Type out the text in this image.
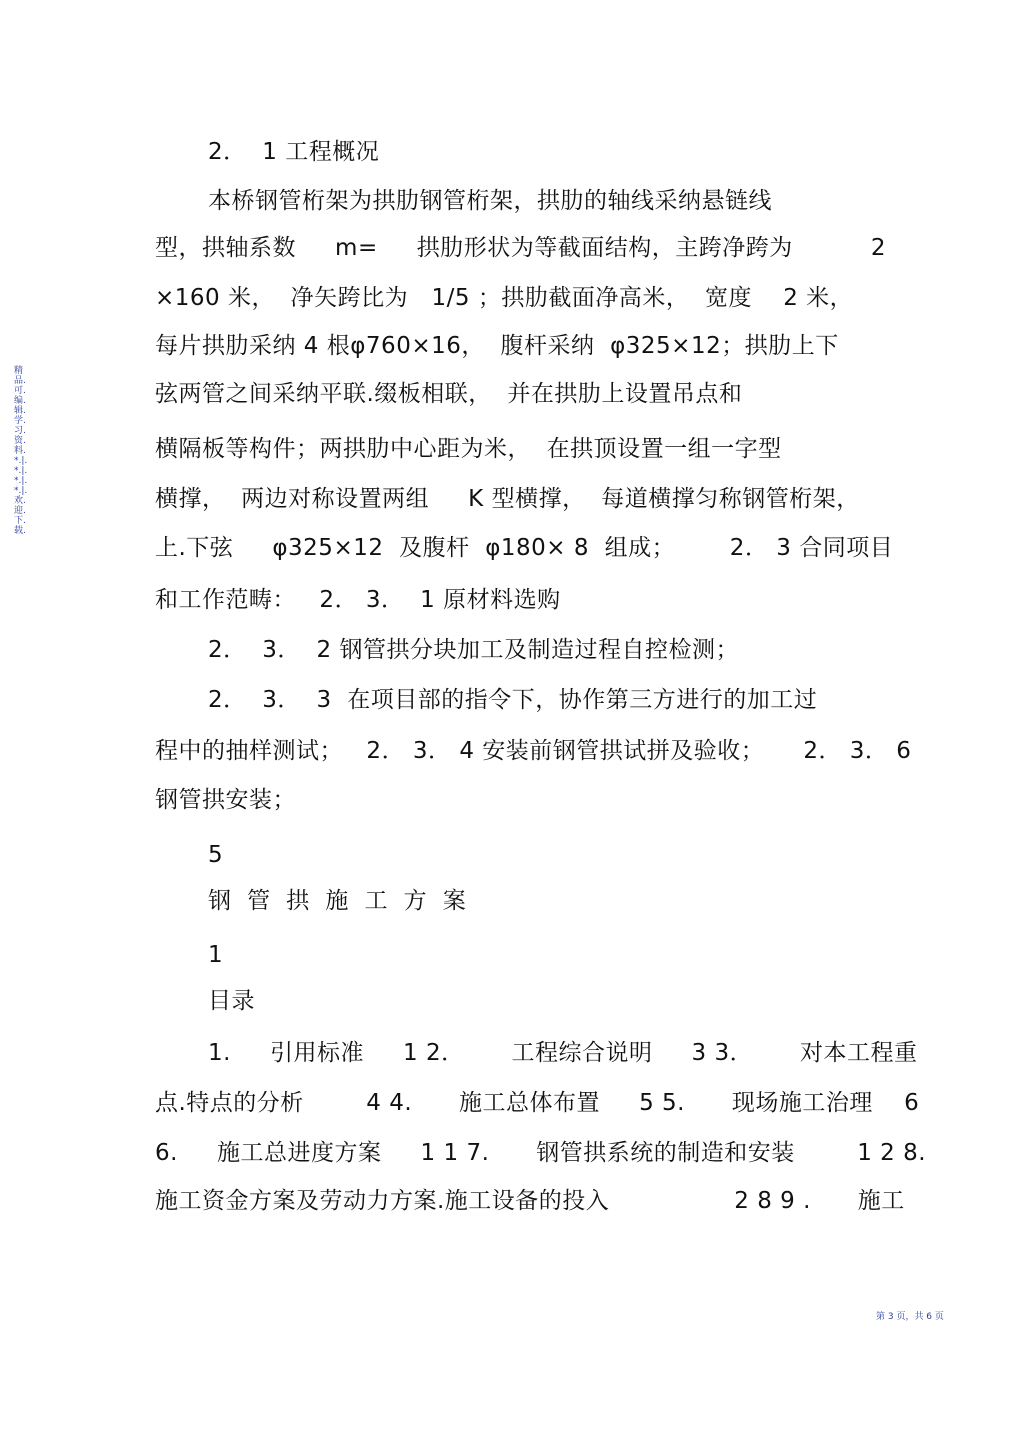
精品.可.编.辑.学.习.资.料.*.|.*.|.*.|.*.|.欢.迎.下.载.
2．  1 工程概况
本桥钢管桁架为拱肋钢管桁架，拱肋的轴线采纳悬链线
型，拱轴系数     m=     拱肋形状为等截面结构，主跨净跨为          2
×160 米，  净矢跨比为   1/5 ；拱肋截面净高米，  宽度    2 米，
每片拱肋采纳 4 根φ760×16，  腹杆采纳  φ325×12；拱肋上下
弦两管之间采纳平联.缀板相联，  并在拱肋上设置吊点和
横隔板等构件；两拱肋中心距为米，  在拱顶设置一组一字型
横撑，  两边对称设置两组     K 型横撑，  每道横撑匀称钢管桁架，
上.下弦     φ325×12  及腹杆  φ180× 8  组成；       2． 3 合同项目
和工作范畴：   2． 3．  1 原材料选购
2．  3．  2 钢管拱分块加工及制造过程自控检测；
2．  3．  3  在项目部的指令下，协作第三方进行的加工过
程中的抽样测试；   2． 3． 4 安装前钢管拱试拼及验收；     2． 3． 6
钢管拱安装；
5
钢  管  拱  施  工  方  案
1
目录
1.     引用标准     1 2．      工程综合说明     3 3．      对本工程重
点.特点的分析        4 4.      施工总体布置     5 5.      现场施工治理    6
6.     施工总进度方案     1 1 7.      钢管拱系统的制造和安装        1 2 8.
施工资金方案及劳动力方案.施工设备的投入                2 8 9 .      施工
第 3 页，共 6 页
